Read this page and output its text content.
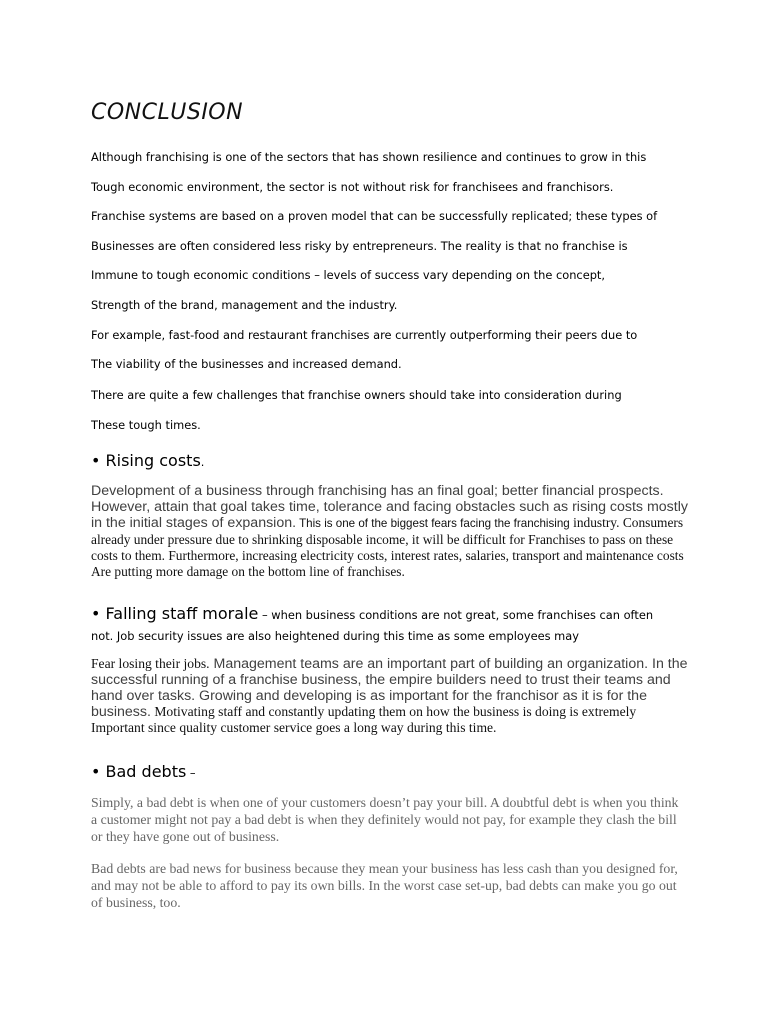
CONCLUSION
Although franchising is one of the sectors that has shown resilience and continues to grow in this
Tough economic environment, the sector is not without risk for franchisees and franchisors.
Franchise systems are based on a proven model that can be successfully replicated; these types of
Businesses are often considered less risky by entrepreneurs. The reality is that no franchise is
Immune to tough economic conditions – levels of success vary depending on the concept,
Strength of the brand, management and the industry.
For example, fast-food and restaurant franchises are currently outperforming their peers due to
The viability of the businesses and increased demand.
There are quite a few challenges that franchise owners should take into consideration during
These tough times.
• Rising costs.
Development of a business through franchising has an final goal; better financial prospects. However, attain that goal takes time, tolerance and facing obstacles such as rising costs mostly in the initial stages of expansion. This is one of the biggest fears facing the franchising industry. Consumers already under pressure due to shrinking disposable income, it will be difficult for Franchises to pass on these costs to them. Furthermore, increasing electricity costs, interest rates, salaries, transport and maintenance costs Are putting more damage on the bottom line of franchises.
• Falling staff morale – when business conditions are not great, some franchises can often
not. Job security issues are also heightened during this time as some employees may
Fear losing their jobs. Management teams are an important part of building an organization. In the successful running of a franchise business, the empire builders need to trust their teams and hand over tasks. Growing and developing is as important for the franchisor as it is for the business. Motivating staff and constantly updating them on how the business is doing is extremely Important since quality customer service goes a long way during this time.
• Bad debts –
Simply, a bad debt is when one of your customers doesn’t pay your bill. A doubtful debt is when you think a customer might not pay a bad debt is when they definitely would not pay, for example they clash the bill or they have gone out of business.
Bad debts are bad news for business because they mean your business has less cash than you designed for, and may not be able to afford to pay its own bills. In the worst case set-up, bad debts can make you go out of business, too.
